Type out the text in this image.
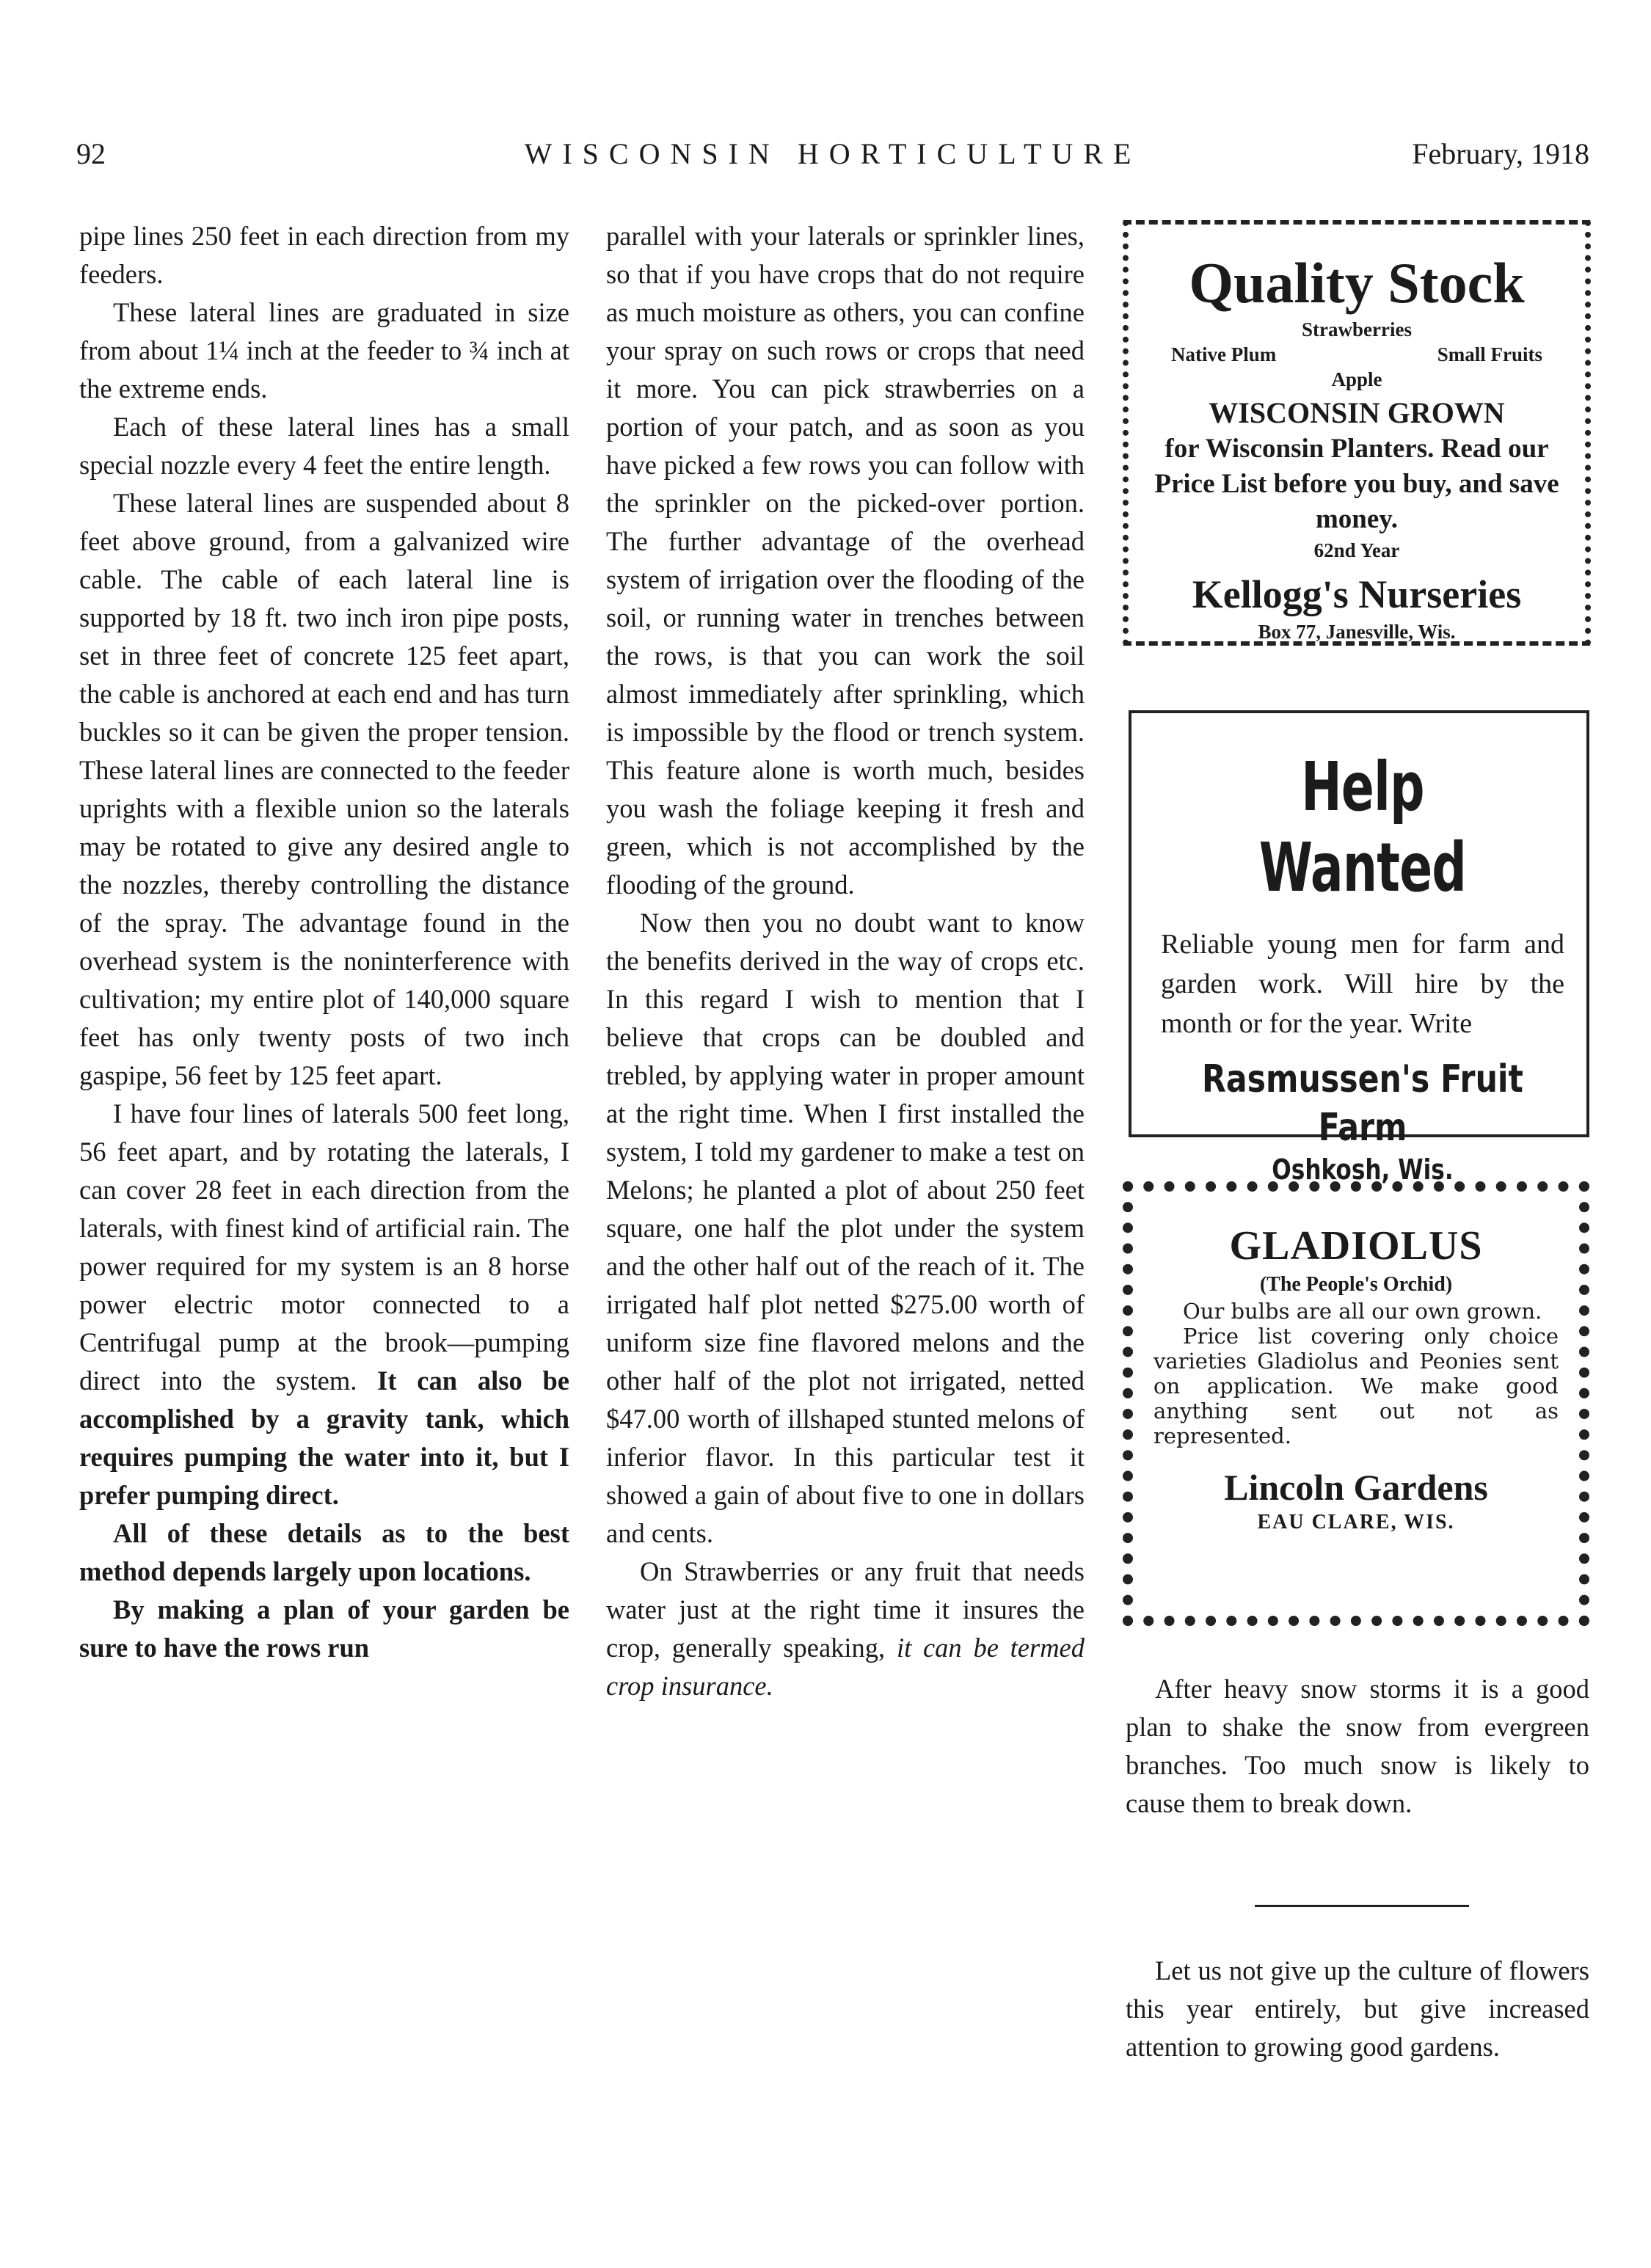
92	WISCONSIN HORTICULTURE	February, 1918

pipe lines 250 feet in each direction from my feeders.

These lateral lines are graduated in size from about 1¼ inch at the feeder to ¾ inch at the extreme ends.

Each of these lateral lines has a small special nozzle every 4 feet the entire length.

These lateral lines are suspended about 8 feet above ground, from a galvanized wire cable. The cable of each lateral line is supported by 18 ft. two inch iron pipe posts, set in three feet of concrete 125 feet apart, the cable is anchored at each end and has turn buckles so it can be given the proper tension. These lateral lines are connected to the feeder uprights with a flexible union so the laterals may be rotated to give any desired angle to the nozzles, thereby controlling the distance of the spray. The advantage found in the overhead system is the noninterference with cultivation; my entire plot of 140,000 square feet has only twenty posts of two inch gaspipe, 56 feet by 125 feet apart.

I have four lines of laterals 500 feet long, 56 feet apart, and by rotating the laterals, I can cover 28 feet in each direction from the laterals, with finest kind of artificial rain. The power required for my system is an 8 horse power electric motor connected to a Centrifugal pump at the brook—pumping direct into the system. It can also be accomplished by a gravity tank, which requires pumping the water into it, but I prefer pumping direct.

All of these details as to the best method depends largely upon locations.

By making a plan of your garden be sure to have the rows run

parallel with your laterals or sprinkler lines, so that if you have crops that do not require as much moisture as others, you can confine your spray on such rows or crops that need it more. You can pick strawberries on a portion of your patch, and as soon as you have picked a few rows you can follow with the sprinkler on the picked-over portion. The further advantage of the overhead system of irrigation over the flooding of the soil, or running water in trenches between the rows, is that you can work the soil almost immediately after sprinkling, which is impossible by the flood or trench system. This feature alone is worth much, besides you wash the foliage keeping it fresh and green, which is not accomplished by the flooding of the ground.

Now then you no doubt want to know the benefits derived in the way of crops etc. In this regard I wish to mention that I believe that crops can be doubled and trebled, by applying water in proper amount at the right time. When I first installed the system, I told my gardener to make a test on Melons; he planted a plot of about 250 feet square, one half the plot under the system and the other half out of the reach of it. The irrigated half plot netted $275.00 worth of uniform size fine flavored melons and the other half of the plot not irrigated, netted $47.00 worth of illshaped stunted melons of inferior flavor. In this particular test it showed a gain of about five to one in dollars and cents.

On Strawberries or any fruit that needs water just at the right time it insures the crop, generally speaking, it can be termed crop insurance.

Quality Stock
Strawberries
Native Plum	Small Fruits
Apple
WISCONSIN GROWN
for Wisconsin Planters. Read our Price List before you buy, and save money.
62nd Year
Kellogg's Nurseries
Box 77, Janesville, Wis.
Help Wanted
Reliable young men for farm and garden work. Will hire by the month or for the year. Write
Rasmussen's Fruit Farm
Oshkosh, Wis.
GLADIOLUS
(The People's Orchid)

Our bulbs are all our own grown.

Price list covering only choice varieties Gladiolus and Peonies sent on application. We make good anything sent out not as represented.

Lincoln Gardens
EAU CLARE, WIS.

After heavy snow storms it is a good plan to shake the snow from evergreen branches. Too much snow is likely to cause them to break down.

Let us not give up the culture of flowers this year entirely, but give increased attention to growing good gardens.
